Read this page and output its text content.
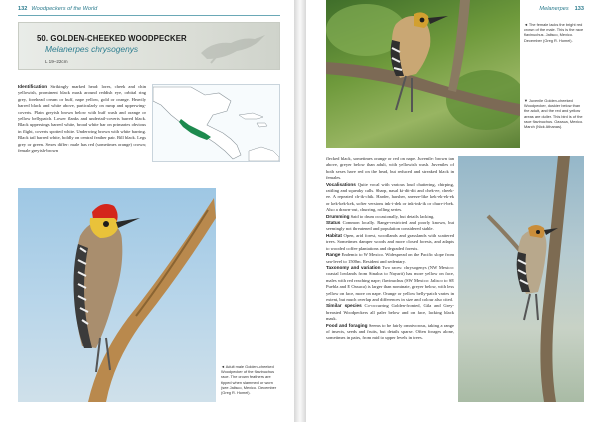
132 Woodpeckers of the World
50. GOLDEN-CHEEKED WOODPECKER
Melanerpes chrysogenys
L 19–22cm
Identification Strikingly marked head: lores, cheek and chin yellowish, prominent black mask around reddish eye, orbital ring grey, forehead cream or buff, nape yellow, gold or orange. Heavily barred black and white above, particularly on rump and upperwing-coverts. Plain greyish brown below with buff wash and orange or yellow bellypatch. Lower flanks and undertail-coverts barred black. Black uppersings barred white, broad white bar on primaries obvious in flight, coverts spotted white. Underwing brown with white barring. Black tail barred white, boldly on central feather pair. Bill black. Legs grey or green. Sexes differ: male has red (sometimes orange) crown; female greyish-brown
◄ Adult male Golden-cheeked Woodpecker of the flavinuchus race. The crown feathers are tipped when slammed or worn (see Jalisco, Mexico. December (Greg R. Homel).
Melanerpes 133
◄ The female lacks the bright red crown of the male. This is the race flavinuchus. Jalisco, Mexico. December (Greg R. Homel).
▼ Juvenile Golden-cheeked Woodpecker, duskier below than the adult, and the red and yellow areas are duller. This bird is of the race flavinuchus. Oaxaca, Mexico. March (Nick Athanas).
flecked black, sometimes orange or red on nape. Juvenile: brown tan above, greyer below than adult, with yellowish wash. Juveniles of both sexes have red on the head, but reduced and streaked black in females.
Vocalisations Quite vocal with various loud chattering, chirping, rattling and squeaky calls. Sharp, nasal ki-dit-dit and chek-ee, cheek-ee. A repeated ch-ik-chik. Harder, harsher, sneeze-like kek-ek-ek-ek or kek-kek-kek, softer versions ink-i-dek or ink-ink-ik or churr-i-bek. Also a drawn-out, churring, rolling series.
Drumming Said to drum occasionally, but details lacking.
Status Common locally. Range-restricted and poorly known, but seemingly not threatened and population considered stable.
Habitat Open, arid forest, woodlands and grasslands with scattered trees. Sometimes damper woods and more closed forests, and adapts to wooded coffee plantations and degraded forests.
Range Endemic to W Mexico. Widespread on the Pacific slope from sea-level to 1500m. Resident and sedentary.
Taxonomy and variation Two races: chrysogenys (NW Mexico: coastal lowlands from Sinaloa to Nayarit) has more yellow on face, males with red reaching nape; flavinuchus (SW Mexico: Jalisco to SE Puebla and E Oaxaca) is larger than nominate, greyer below, with less yellow on face, more on nape. Orange or yellow belly-patch varies in extent, but much overlap and differences in size and colour also cited.
Similar species Co-occurring Golden-fronted, Gila and Grey-breasted Woodpeckers all paler below and on face, lacking black mask.
Food and foraging Seems to be fairly omnivorous, taking a range of insects, seeds and fruits, but details sparse. Often forages alone, sometimes in pairs, from mid to upper levels in trees.
